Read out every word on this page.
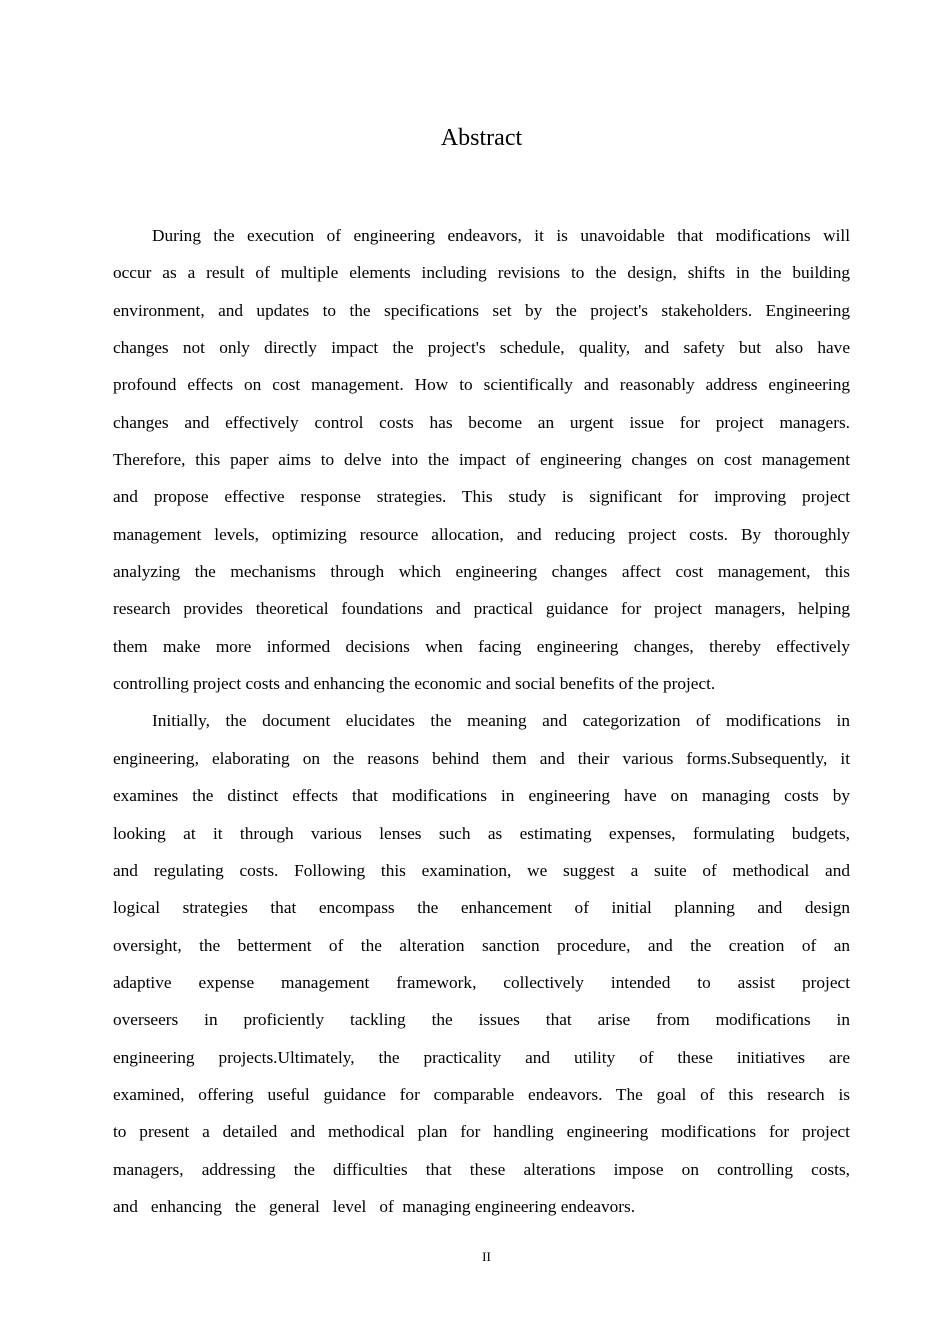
Abstract
During the execution of engineering endeavors, it is unavoidable that modifications will
occur as a result of multiple elements including revisions to the design, shifts in the building
environment, and updates to the specifications set by the project's stakeholders. Engineering
changes not only directly impact the project's schedule, quality, and safety but also have
profound effects on cost management. How to scientifically and reasonably address engineering
changes and effectively control costs has become an urgent issue for project managers.
Therefore, this paper aims to delve into the impact of engineering changes on cost management
and propose effective response strategies. This study is significant for improving project
management levels, optimizing resource allocation, and reducing project costs. By thoroughly
analyzing the mechanisms through which engineering changes affect cost management, this
research provides theoretical foundations and practical guidance for project managers, helping
them make more informed decisions when facing engineering changes, thereby effectively
controlling project costs and enhancing the economic and social benefits of the project.
Initially, the document elucidates the meaning and categorization of modifications in
engineering, elaborating on the reasons behind them and their various forms.Subsequently, it
examines the distinct effects that modifications in engineering have on managing costs by
looking at it through various lenses such as estimating expenses, formulating budgets,
and regulating costs. Following this examination, we suggest a suite of methodical and
logical strategies that encompass the enhancement of initial planning and design
oversight, the betterment of the alteration sanction procedure, and the creation of an
adaptive expense management framework, collectively intended to assist project
overseers in proficiently tackling the issues that arise from modifications in
engineering projects.Ultimately, the practicality and utility of these initiatives are
examined, offering useful guidance for comparable endeavors. The goal of this research is
to present a detailed and methodical plan for handling engineering modifications for project
managers, addressing the difficulties that these alterations impose on controlling costs,
and   enhancing   the   general   level   of  managing engineering endeavors.
II
